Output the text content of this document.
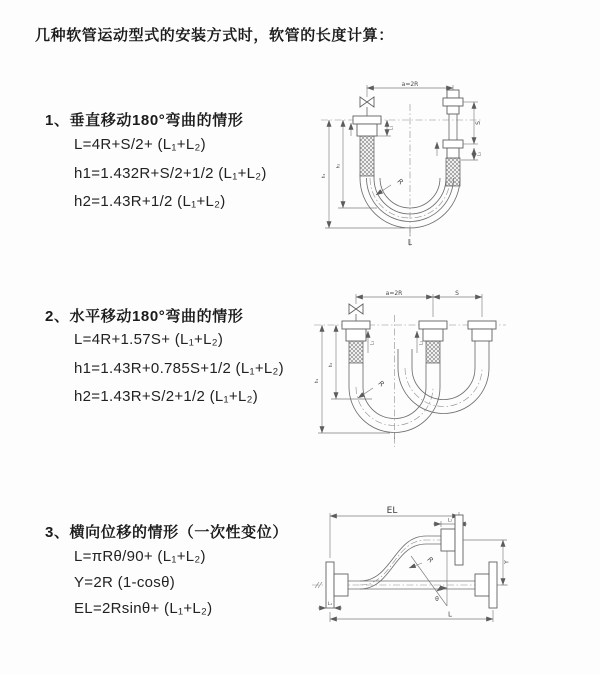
几种软管运动型式的安装方式时，软管的长度计算：
1、垂直移动180°弯曲的情形
L=4R+S/2+ (L₁+L₂)
h1=1.432R+S/2+1/2 (L₁+L₂)
h2=1.43R+1/2 (L₁+L₂)
a=2R
h₁
h₂
S
L₂
L₁
R
L
2、水平移动180°弯曲的情形
L=4R+1.57S+ (L₁+L₂)
h1=1.43R+0.785S+1/2 (L₁+L₂)
h2=1.43R+S/2+1/2 (L₁+L₂)
a=2R	S
h₁
h₂
L₁	L₂
R
3、横向位移的情形（一次性变位）
L=πRθ/90+ (L₁+L₂)
Y=2R (1-cosθ)
EL=2Rsinθ+ (L₁+L₂)
EL
L₂
θ
Y
L
L₁
R
